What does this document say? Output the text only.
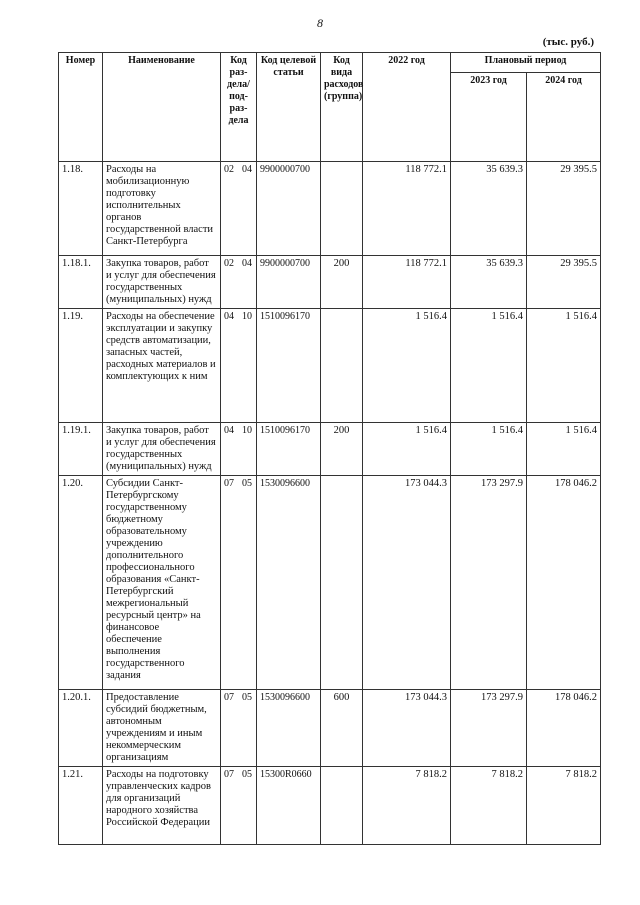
8
(тыс. руб.)
Номер	Наименование	Код раз-дела/ под-раз-дела	Код целевой статьи	Код вида расходов (группа)	2022 год	Плановый период	
						2023 год	2024 год
1.18.	Расходы на мобилизационную подготовку исполнительных органов государственной власти Санкт-Петербурга	02 04	9900000700		118 772.1	35 639.3	29 395.5
1.18.1.	Закупка товаров, работ и услуг для обеспечения государственных (муниципальных) нужд	02 04	9900000700	200	118 772.1	35 639.3	29 395.5
1.19.	Расходы на обеспечение эксплуатации и закупку средств автоматизации, запасных частей, расходных материалов и комплектующих к ним	04 10	1510096170		1 516.4	1 516.4	1 516.4
1.19.1.	Закупка товаров, работ и услуг для обеспечения государственных (муниципальных) нужд	04 10	1510096170	200	1 516.4	1 516.4	1 516.4
1.20.	Субсидии Санкт-Петербургскому государственному бюджетному образовательному учреждению дополнительного профессионального образования «Санкт-Петербургский межрегиональный ресурсный центр» на финансовое обеспечение выполнения государственного задания	07 05	1530096600		173 044.3	173 297.9	178 046.2
1.20.1.	Предоставление субсидий бюджетным, автономным учреждениям и иным некоммерческим организациям	07 05	1530096600	600	173 044.3	173 297.9	178 046.2
1.21.	Расходы на подготовку управленческих кадров для организаций народного хозяйства Российской Федерации	07 05	15300R0660		7 818.2	7 818.2	7 818.2
